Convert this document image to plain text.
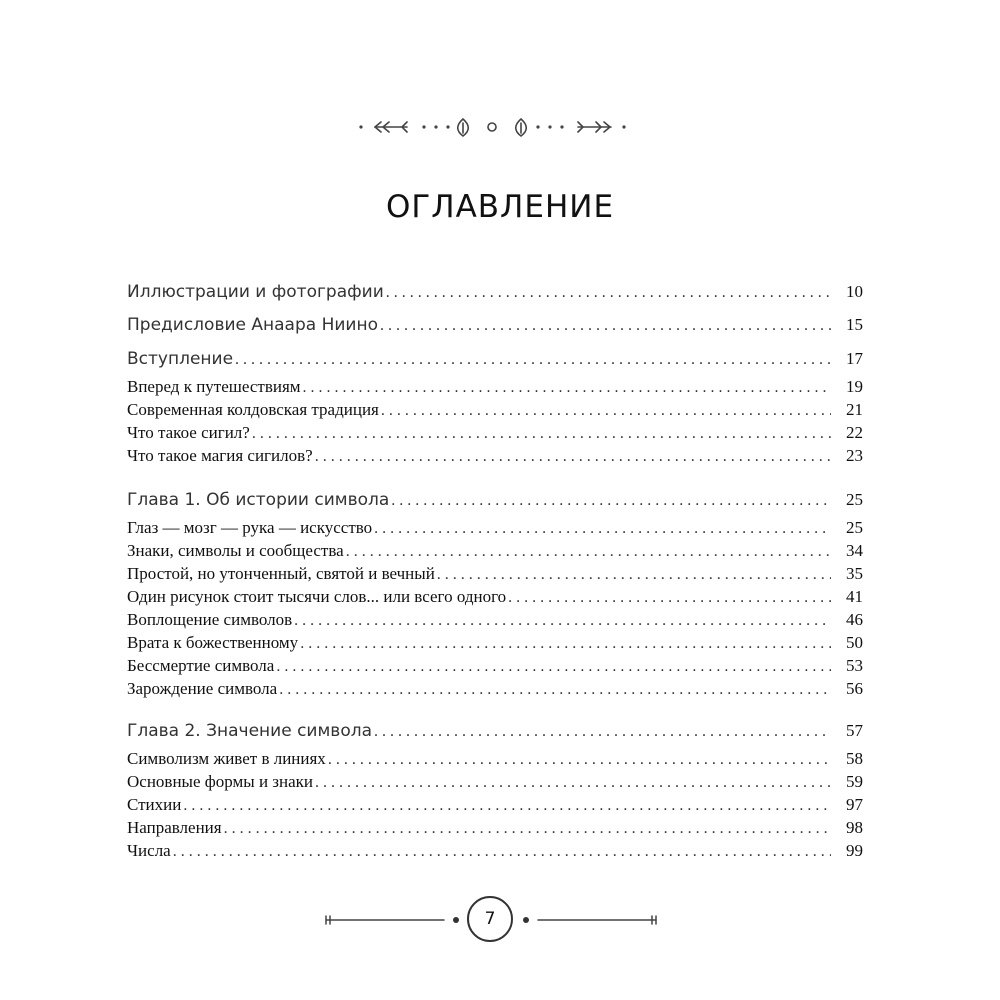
ОГЛАВЛЕНИЕ
Иллюстрации и фотографии . . .	10
Предисловие Анаара Ниино . . .	15
Вступление . . .	17
Вперед к путешествиям . . .	19
Современная колдовская традиция . . .	21
Что такое сигил? . . .	22
Что такое магия сигилов? . . .	23
Глава 1. Об истории символа . . .	25
Глаз — мозг — рука — искусство . . .	25
Знаки, символы и сообщества . . .	34
Простой, но утонченный, святой и вечный . . .	35
Один рисунок стоит тысячи слов... или всего одного . . .	41
Воплощение символов . . .	46
Врата к божественному . . .	50
Бессмертие символа . . .	53
Зарождение символа . . .	56
Глава 2. Значение символа . . .	57
Символизм живет в линиях . . .	58
Основные формы и знаки . . .	59
Стихии . . .	97
Направления . . .	98
Числа . . .	99
7
